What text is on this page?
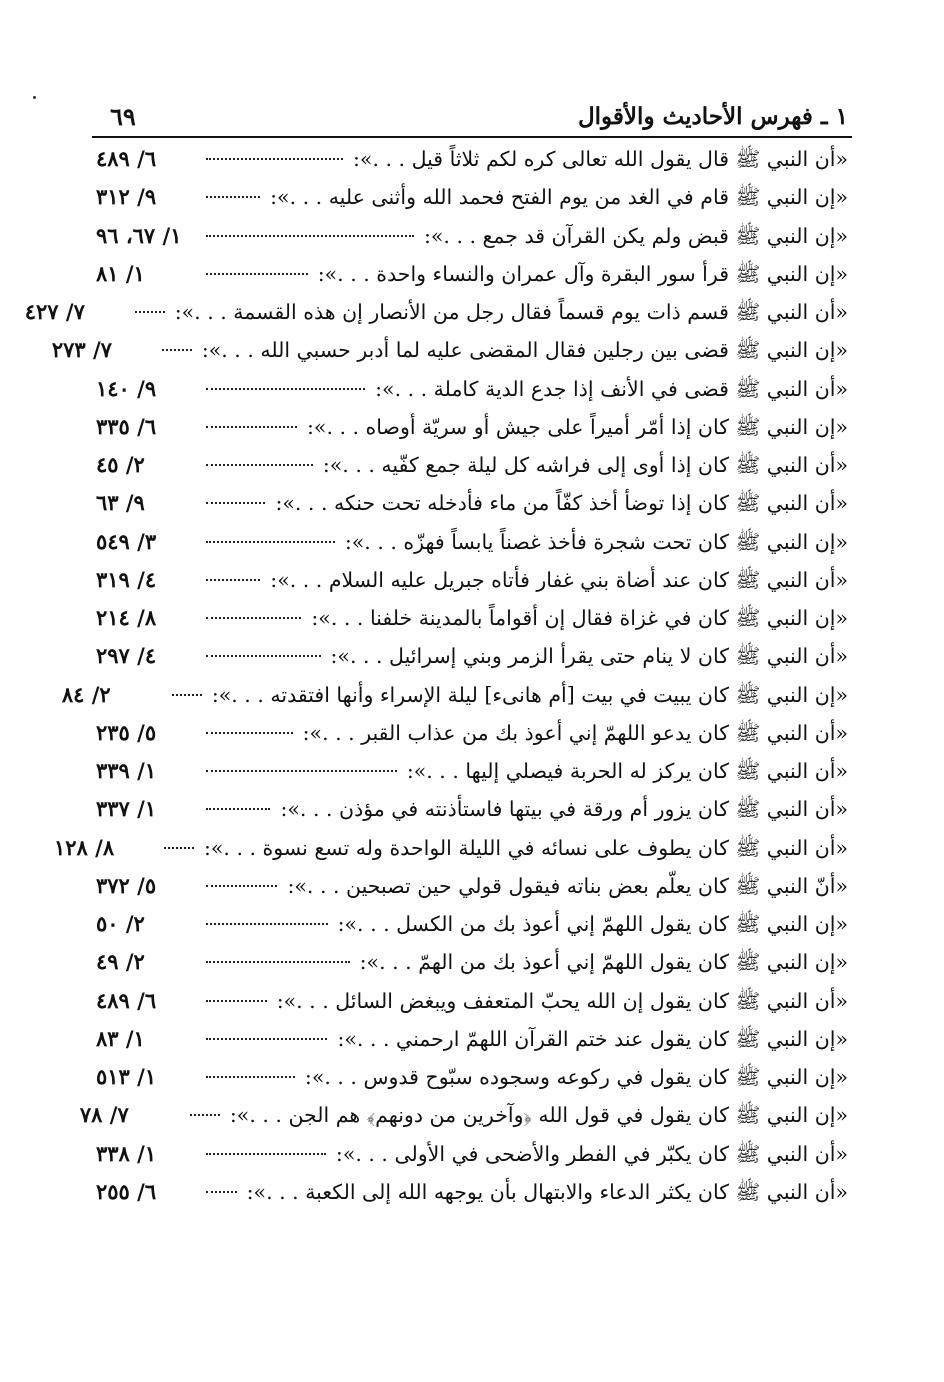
١ ـ فهرس الأحاديث والأقوال
٦٩
«أن النبي ﷺ قال يقول الله تعالى كره لكم ثلاثاً قيل . . .»:
٦/ ٤٨٩
«إن النبي ﷺ قام في الغد من يوم الفتح فحمد الله وأثنى عليه . . .»:
٩/ ٣١٢
«إن النبي ﷺ قبض ولم يكن القرآن قد جمع . . .»:
١/ ٦٧، ٩٦
«إن النبي ﷺ قرأ سور البقرة وآل عمران والنساء واحدة . . .»:
١/ ٨١
«أن النبي ﷺ قسم ذات يوم قسماً فقال رجل من الأنصار إن هذه القسمة . . .»:
٧/ ٤٢٧
«إن النبي ﷺ قضى بين رجلين فقال المقضى عليه لما أدبر حسبي الله . . .»:
٧/ ٢٧٣
«أن النبي ﷺ قضى في الأنف إذا جدع الدية كاملة . . .»:
٩/ ١٤٠
«إن النبي ﷺ كان إذا أمّر أميراً على جيش أو سريّة أوصاه . . .»:
٦/ ٣٣٥
«أن النبي ﷺ كان إذا أوى إلى فراشه كل ليلة جمع كفّيه . . .»:
٢/ ٤٥
«أن النبي ﷺ كان إذا توضأ أخذ كفّاً من ماء فأدخله تحت حنكه . . .»:
٩/ ٦٣
«إن النبي ﷺ كان تحت شجرة فأخذ غصناً يابساً فهزّه . . .»:
٣/ ٥٤٩
«أن النبي ﷺ كان عند أضاة بني غفار فأتاه جبريل عليه السلام . . .»:
٤/ ٣١٩
«إن النبي ﷺ كان في غزاة فقال إن أقواماً بالمدينة خلفنا . . .»:
٨/ ٢١٤
«أن النبي ﷺ كان لا ينام حتى يقرأ الزمر وبني إسرائيل . . .»:
٤/ ٢٩٧
«إن النبي ﷺ كان يبيت في بيت [أم هانىء] ليلة الإسراء وأنها افتقدته . . .»:
٢/ ٨٤
«أن النبي ﷺ كان يدعو اللهمّ إني أعوذ بك من عذاب القبر . . .»:
٥/ ٢٣٥
«أن النبي ﷺ كان يركز له الحربة فيصلي إليها . . .»:
١/ ٣٣٩
«أن النبي ﷺ كان يزور أم ورقة في بيتها فاستأذنته في مؤذن . . .»:
١/ ٣٣٧
«أن النبي ﷺ كان يطوف على نسائه في الليلة الواحدة وله تسع نسوة . . .»:
٨/ ١٢٨
«أنّ النبي ﷺ كان يعلّم بعض بناته فيقول قولي حين تصبحين . . .»:
٥/ ٣٧٢
«إن النبي ﷺ كان يقول اللهمّ إني أعوذ بك من الكسل . . .»:
٢/ ٥٠
«إن النبي ﷺ كان يقول اللهمّ إني أعوذ بك من الهمّ . . .»:
٢/ ٤٩
«أن النبي ﷺ كان يقول إن الله يحبّ المتعفف ويبغض السائل . . .»:
٦/ ٤٨٩
«إن النبي ﷺ كان يقول عند ختم القرآن اللهمّ ارحمني . . .»:
١/ ٨٣
«إن النبي ﷺ كان يقول في ركوعه وسجوده سبّوح قدوس . . .»:
١/ ٥١٣
«إن النبي ﷺ كان يقول في قول الله ﴿وآخرين من دونهم﴾ هم الجن . . .»:
٧/ ٧٨
«أن النبي ﷺ كان يكبّر في الفطر والأضحى في الأولى . . .»:
١/ ٣٣٨
«أن النبي ﷺ كان يكثر الدعاء والابتهال بأن يوجهه الله إلى الكعبة . . .»:
٦/ ٢٥٥
